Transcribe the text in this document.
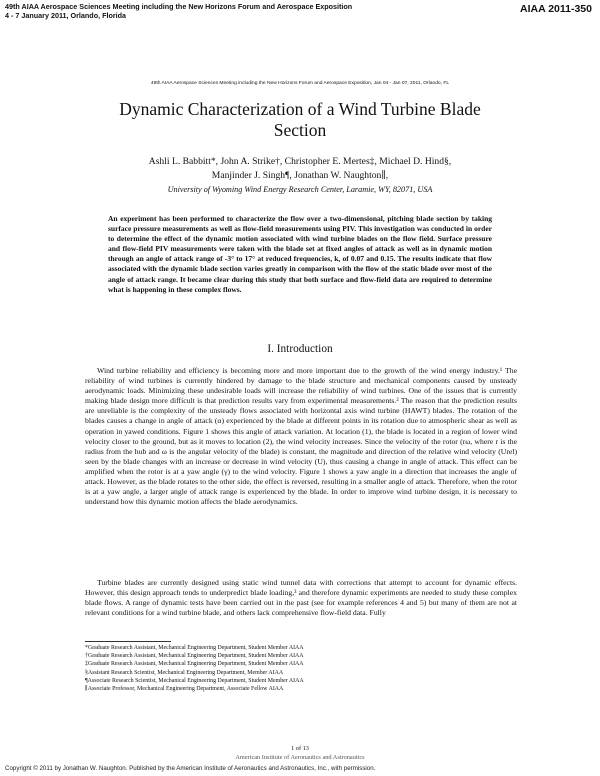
49th AIAA Aerospace Sciences Meeting including the New Horizons Forum and Aerospace Exposition
4 - 7 January 2011, Orlando, Florida
AIAA 2011-350
49th AIAA Aerospace Sciences Meeting including the New Horizons Forum and Aerospace Exposition, Jan 04 - Jan 07, 2011, Orlando, FL
Dynamic Characterization of a Wind Turbine Blade
Section
Ashli L. Babbitt*, John A. Strike†, Christopher E. Mertes‡, Michael D. Hind§,
Manjinder J. Singh¶, Jonathan W. Naughton∥,
University of Wyoming Wind Energy Research Center, Laramie, WY, 82071, USA

An experiment has been performed to characterize the flow over a two-dimensional, pitching blade section by taking surface pressure measurements as well as flow-field measurements using PIV. This investigation was conducted in order to determine the effect of the dynamic motion associated with wind turbine blades on the flow field. Surface pressure and flow-field PIV measurements were taken with the blade set at fixed angles of attack as well as in dynamic motion through an angle of attack range of -3° to 17° at reduced frequencies, k, of 0.07 and 0.15. The results indicate that flow associated with the dynamic blade section varies greatly in comparison with the flow of the static blade over most of the angle of attack range. It became clear during this study that both surface and flow-field data are required to determine what is happening in these complex flows.

I. Introduction

Wind turbine reliability and efficiency is becoming more and more important due to the growth of the wind energy industry.¹ The reliability of wind turbines is currently hindered by damage to the blade structure and mechanical components caused by unsteady aerodynamic loads. Minimizing these undesirable loads will increase the reliability of wind turbines. One of the issues that is currently making blade design more difficult is that prediction results vary from experimental measurements.² The reason that the prediction results are unreliable is the complexity of the unsteady flows associated with horizontal axis wind turbine (HAWT) blades. The rotation of the blades causes a change in angle of attack (α) experienced by the blade at different points in its rotation due to atmospheric shear as well as operation in yawed conditions. Figure 1 shows this angle of attack variation. At location (1), the blade is located in a region of lower wind velocity closer to the ground, but as it moves to location (2), the wind velocity increases. Since the velocity of the rotor (rω, where r is the radius from the hub and ω is the angular velocity of the blade) is constant, the magnitude and direction of the relative wind velocity (Urel) seen by the blade changes with an increase or decrease in wind velocity (U), thus causing a change in angle of attack. This effect can be amplified when the rotor is at a yaw angle (γ) to the wind velocity. Figure 1 shows a yaw angle in a direction that increases the angle of attack. However, as the blade rotates to the other side, the effect is reversed, resulting in a smaller angle of attack. Therefore, when the rotor is at a yaw angle, a larger angle of attack range is experienced by the blade. In order to improve wind turbine design, it is necessary to understand how this dynamic motion affects the blade aerodynamics.

Turbine blades are currently designed using static wind tunnel data with corrections that attempt to account for dynamic effects. However, this design approach tends to underpredict blade loading,³ and therefore dynamic experiments are needed to study these complex blade flows. A range of dynamic tests have been carried out in the past (see for example references 4 and 5) but many of them are not at relevant conditions for a wind turbine blade, and others lack comprehensive flow-field data. Fully

*Graduate Research Assistant, Mechanical Engineering Department, Student Member AIAA
†Graduate Research Assistant, Mechanical Engineering Department, Student Member AIAA
‡Graduate Research Assistant, Mechanical Engineering Department, Student Member AIAA
§Assistant Research Scientist, Mechanical Engineering Department, Member AIAA
¶Associate Research Scientist, Mechanical Engineering Department, Student Member AIAA
∥Associate Professor, Mechanical Engineering Department, Associate Fellow AIAA
1 of 13
American Institute of Aeronautics and Astronautics
Copyright © 2011 by Jonathan W. Naughton. Published by the American Institute of Aeronautics and Astronautics, Inc., with permission.
